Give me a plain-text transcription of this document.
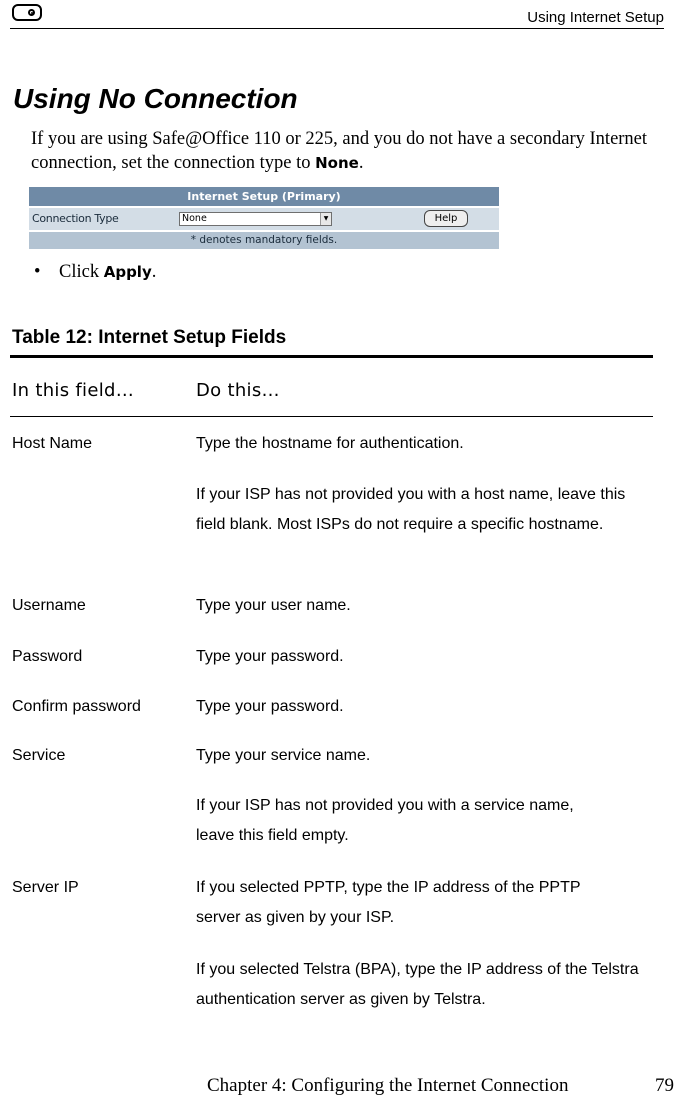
Using Internet Setup
Using No Connection
If you are using Safe@Office 110 or 225, and you do not have a secondary Internet connection, set the connection type to None.
Internet Setup (Primary)
Connection Type	None	▼	Help
* denotes mandatory fields.
• Click Apply.
Table 12: Internet Setup Fields
In this field…	Do this…
Host Name	Type the hostname for authentication.
If your ISP has not provided you with a host name, leave this field blank. Most ISPs do not require a specific hostname.
Username	Type your user name.
Password	Type your password.
Confirm password	Type your password.
Service	Type your service name.
If your ISP has not provided you with a service name, leave this field empty.
Server IP	If you selected PPTP, type the IP address of the PPTP server as given by your ISP.
If you selected Telstra (BPA), type the IP address of the Telstra authentication server as given by Telstra.
Chapter 4: Configuring the Internet Connection	79
